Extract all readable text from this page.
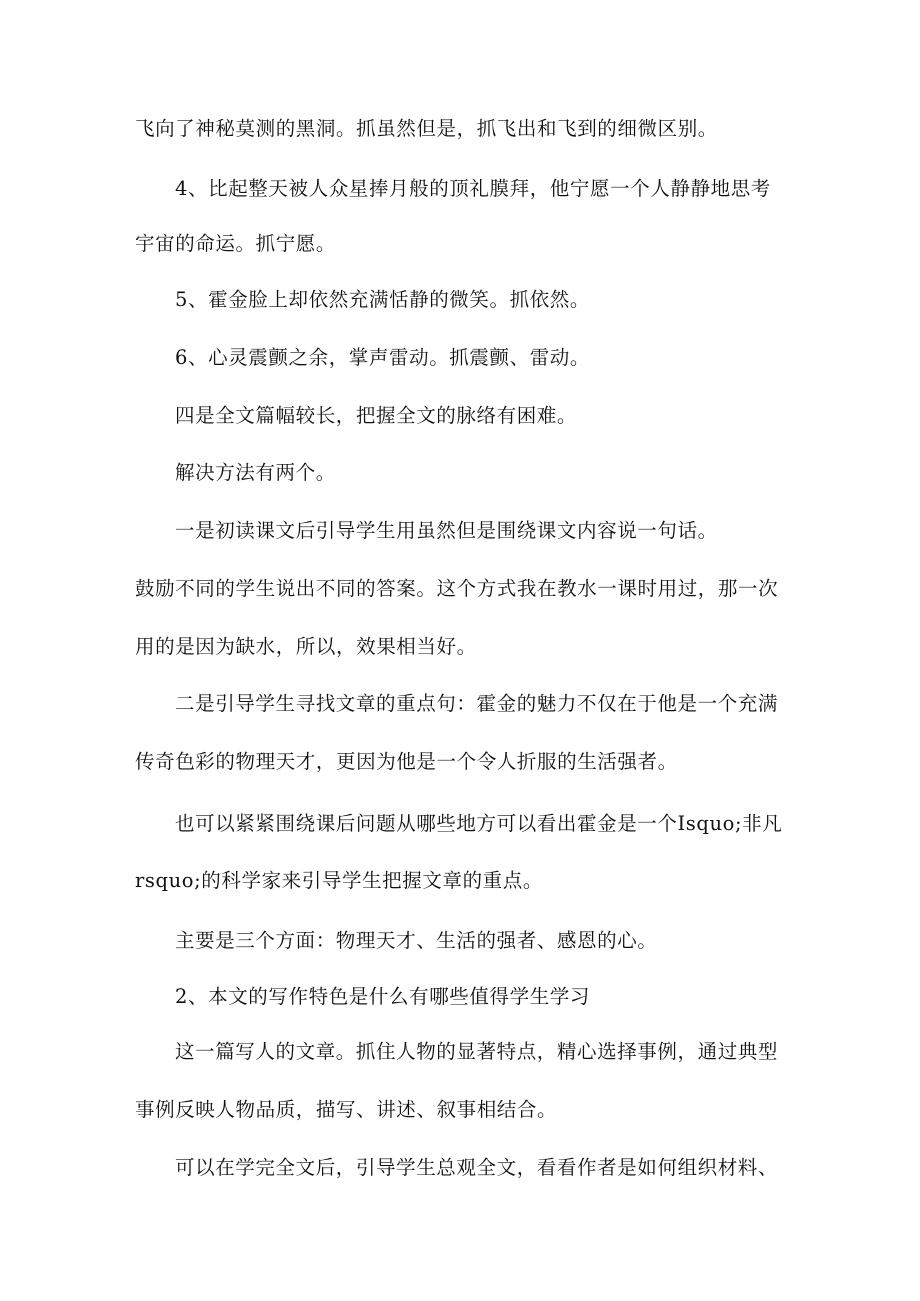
飞向了神秘莫测的黑洞。抓虽然但是，抓飞出和飞到的细微区别。
4、比起整天被人众星捧月般的顶礼膜拜，他宁愿一个人静静地思考
宇宙的命运。抓宁愿。
5、霍金脸上却依然充满恬静的微笑。抓依然。
6、心灵震颤之余，掌声雷动。抓震颤、雷动。
四是全文篇幅较长，把握全文的脉络有困难。
解决方法有两个。
一是初读课文后引导学生用虽然但是围绕课文内容说一句话。
鼓励不同的学生说出不同的答案。这个方式我在教水一课时用过，那一次
用的是因为缺水，所以，效果相当好。
二是引导学生寻找文章的重点句：霍金的魅力不仅在于他是一个充满
传奇色彩的物理天才，更因为他是一个令人折服的生活强者。
也可以紧紧围绕课后问题从哪些地方可以看出霍金是一个Isquo;非凡
rsquo;的科学家来引导学生把握文章的重点。
主要是三个方面：物理天才、生活的强者、感恩的心。
2、本文的写作特色是什么有哪些值得学生学习
这一篇写人的文章。抓住人物的显著特点，精心选择事例，通过典型
事例反映人物品质，描写、讲述、叙事相结合。
可以在学完全文后，引导学生总观全文，看看作者是如何组织材料、
